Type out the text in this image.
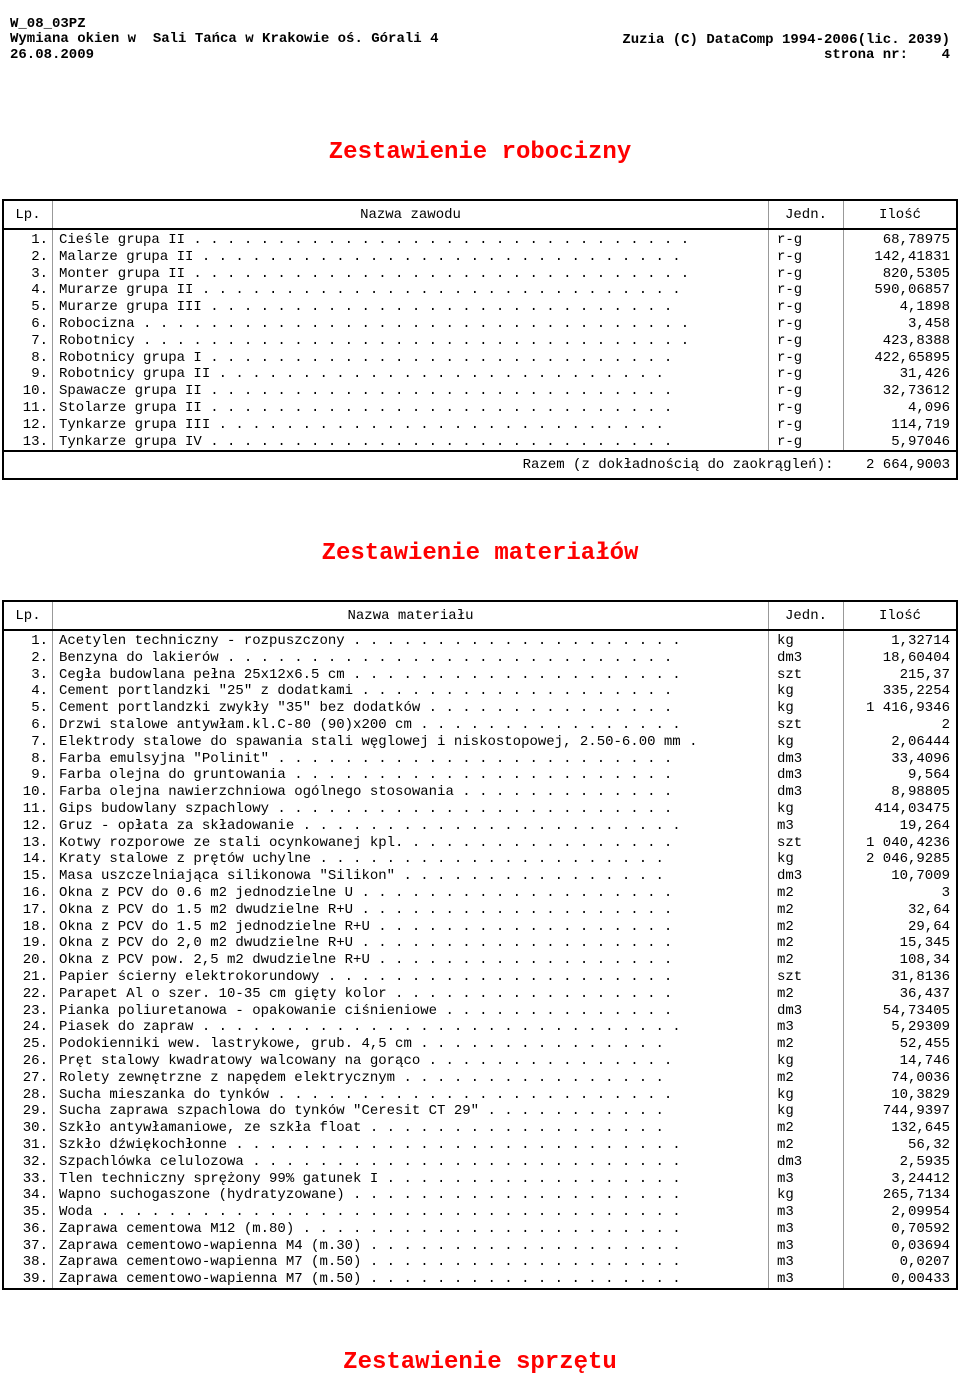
W_08_03PZ

Zuzia (C) DataComp 1994-2006(lic. 2039)

Wymiana okien w  Sali Tańca w Krakowie oś. Górali 4

strona nr: 4

26.08.2009

Zestawienie robocizny
Lp.	Nazwa zawodu	Jedn.	Ilość

1.	Cieśle grupa II . . . . . . . . . . . . . . . . . . . . . . . . . . . . . .	r-g	68,78975
2.	Malarze grupa II . . . . . . . . . . . . . . . . . . . . . . . . . . . . .	r-g	142,41831
3.	Monter grupa II . . . . . . . . . . . . . . . . . . . . . . . . . . . . . .	r-g	820,5305
4.	Murarze grupa II . . . . . . . . . . . . . . . . . . . . . . . . . . . . .	r-g	590,06857
5.	Murarze grupa III . . . . . . . . . . . . . . . . . . . . . . . . . . . .	r-g	4,1898
6.	Robocizna . . . . . . . . . . . . . . . . . . . . . . . . . . . . . . . . .	r-g	3,458
7.	Robotnicy . . . . . . . . . . . . . . . . . . . . . . . . . . . . . . . . .	r-g	423,8388
8.	Robotnicy grupa I . . . . . . . . . . . . . . . . . . . . . . . . . . . .	r-g	422,65895
9.	Robotnicy grupa II . . . . . . . . . . . . . . . . . . . . . . . . . . .	r-g	31,426
10.	Spawacze grupa II . . . . . . . . . . . . . . . . . . . . . . . . . . . .	r-g	32,73612
11.	Stolarze grupa II . . . . . . . . . . . . . . . . . . . . . . . . . . . .	r-g	4,096
12.	Tynkarze grupa III . . . . . . . . . . . . . . . . . . . . . . . . . . .	r-g	114,719
13.	Tynkarze grupa IV . . . . . . . . . . . . . . . . . . . . . . . . . . . .	r-g	5,97046
Razem (z dokładnością do zaokrągleń):			2 664,9003
Zestawienie materiałów
Lp.	Nazwa materiału	Jedn.	Ilość

1.	Acetylen techniczny - rozpuszczony . . . . . . . . . . . . . . . . . . . .	kg	1,32714
2.	Benzyna do lakierów . . . . . . . . . . . . . . . . . . . . . . . . . . .	dm3	18,60404
3.	Cegła budowlana pełna 25x12x6.5 cm . . . . . . . . . . . . . . . . . . . .	szt	215,37
4.	Cement portlandzki "25" z dodatkami . . . . . . . . . . . . . . . . . . .	kg	335,2254
5.	Cement portlandzki zwykły "35" bez dodatków . . . . . . . . . . . . . . .	kg	1 416,9346
6.	Drzwi stalowe antywłam.kl.C-80 (90)x200 cm . . . . . . . . . . . . . . . .	szt	2
7.	Elektrody stalowe do spawania stali węglowej i niskostopowej, 2.50-6.00 mm .	kg	2,06444
8.	Farba emulsyjna "Polinit" . . . . . . . . . . . . . . . . . . . . . . . .	dm3	33,4096
9.	Farba olejna do gruntowania . . . . . . . . . . . . . . . . . . . . . . .	dm3	9,564
10.	Farba olejna nawierzchniowa ogólnego stosowania . . . . . . . . . . . . .	dm3	8,98805
11.	Gips budowlany szpachlowy . . . . . . . . . . . . . . . . . . . . . . . .	kg	414,03475
12.	Gruz - opłata za składowanie . . . . . . . . . . . . . . . . . . . . . . .	m3	19,264
13.	Kotwy rozporowe ze stali ocynkowanej kpl. . . . . . . . . . . . . . . . .	szt	1 040,4236
14.	Kraty stalowe z prętów uchylne . . . . . . . . . . . . . . . . . . . . .	kg	2 046,9285
15.	Masa uszczelniająca silikonowa "Silikon" . . . . . . . . . . . . . . . .	dm3	10,7009
16.	Okna z PCV do 0.6 m2 jednodzielne U . . . . . . . . . . . . . . . . . . .	m2	3
17.	Okna z PCV do 1.5 m2 dwudzielne R+U . . . . . . . . . . . . . . . . . . .	m2	32,64
18.	Okna z PCV do 1.5 m2 jednodzielne R+U . . . . . . . . . . . . . . . . . .	m2	29,64
19.	Okna z PCV do 2,0 m2 dwudzielne R+U . . . . . . . . . . . . . . . . . . .	m2	15,345
20.	Okna z PCV pow. 2,5 m2 dwudzielne R+U . . . . . . . . . . . . . . . . . .	m2	108,34
21.	Papier ścierny elektrokorundowy . . . . . . . . . . . . . . . . . . . . .	szt	31,8136
22.	Parapet Al o szer. 10-35 cm gięty kolor . . . . . . . . . . . . . . . . .	m2	36,437
23.	Pianka poliuretanowa - opakowanie ciśnieniowe . . . . . . . . . . . . . .	dm3	54,73405
24.	Piasek do zapraw . . . . . . . . . . . . . . . . . . . . . . . . . . . . .	m3	5,29309
25.	Podokienniki wew. lastrykowe, grub. 4,5 cm . . . . . . . . . . . . . . .	m2	52,455
26.	Pręt stalowy kwadratowy walcowany na gorąco . . . . . . . . . . . . . . .	kg	14,746
27.	Rolety zewnętrzne z napędem elektrycznym . . . . . . . . . . . . . . . .	m2	74,0036
28.	Sucha mieszanka do tynków . . . . . . . . . . . . . . . . . . . . . . . .	kg	10,3829
29.	Sucha zaprawa szpachlowa do tynków "Ceresit CT 29" . . . . . . . . . . .	kg	744,9397
30.	Szkło antywłamaniowe, ze szkła float . . . . . . . . . . . . . . . . . .	m2	132,645
31.	Szkło dźwiękochłonne . . . . . . . . . . . . . . . . . . . . . . . . . . .	m2	56,32
32.	Szpachlówka celulozowa . . . . . . . . . . . . . . . . . . . . . . . . . .	dm3	2,5935
33.	Tlen techniczny sprężony 99% gatunek I . . . . . . . . . . . . . . . . . .	m3	3,24412
34.	Wapno suchogaszone (hydratyzowane) . . . . . . . . . . . . . . . . . . . .	kg	265,7134
35.	Woda . . . . . . . . . . . . . . . . . . . . . . . . . . . . . . . . . . .	m3	2,09954
36.	Zaprawa cementowa M12 (m.80) . . . . . . . . . . . . . . . . . . . . . . .	m3	0,70592
37.	Zaprawa cementowo-wapienna M4 (m.30) . . . . . . . . . . . . . . . . . . .	m3	0,03694
38.	Zaprawa cementowo-wapienna M7 (m.50) . . . . . . . . . . . . . . . . . . .	m3	0,0207
39.	Zaprawa cementowo-wapienna M7 (m.50) . . . . . . . . . . . . . . . . . . .	m3	0,00433
Zestawienie sprzętu
